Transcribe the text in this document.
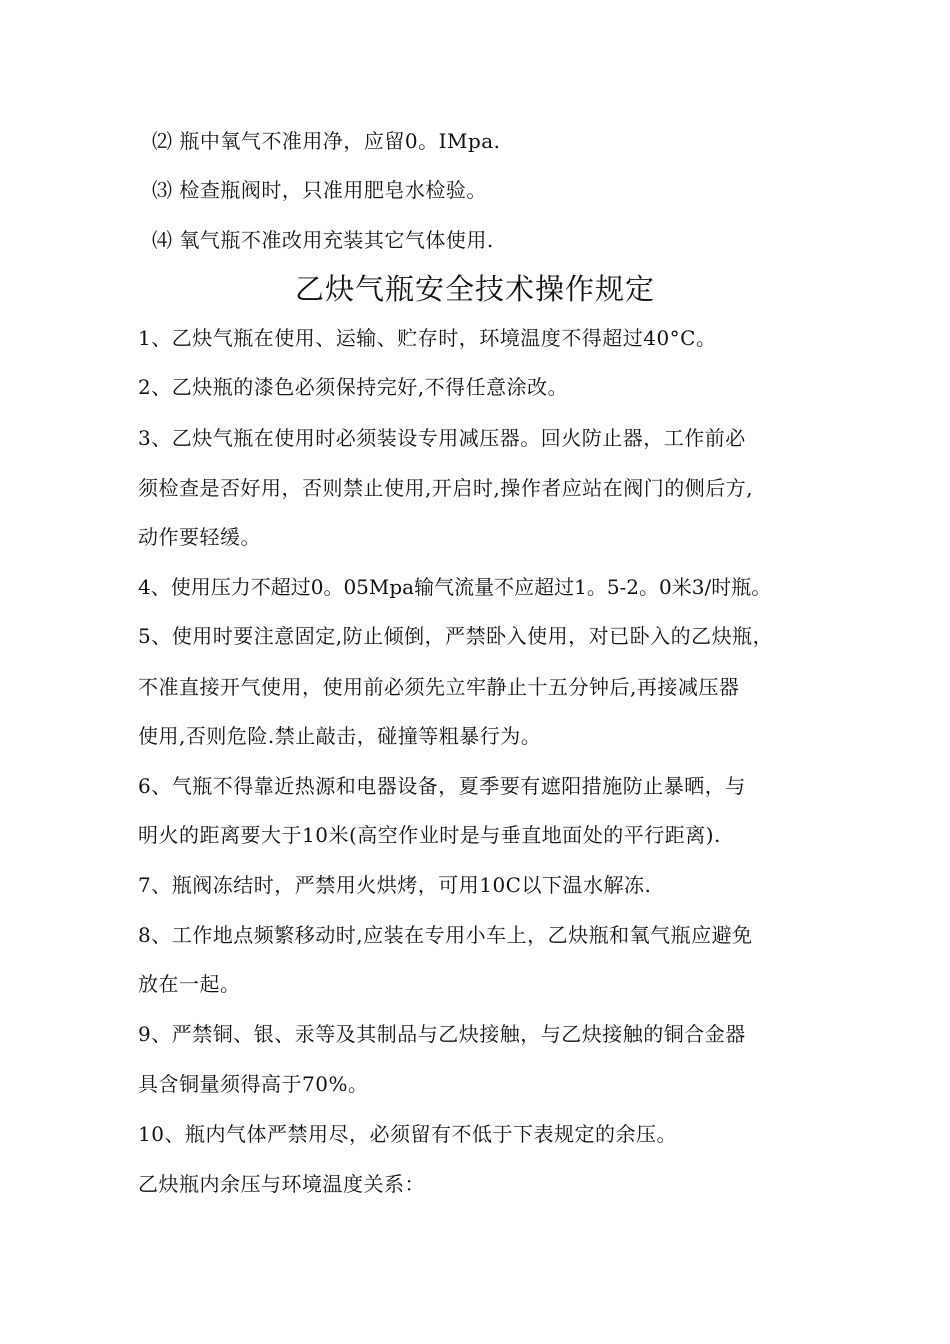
⑵ 瓶中氧气不准用净，应留0。IMpa.
⑶ 检查瓶阀时，只准用肥皂水检验。
⑷ 氧气瓶不准改用充装其它气体使用.
乙炔气瓶安全技术操作规定
1、乙炔气瓶在使用、运输、贮存时，环境温度不得超过40°C。
2、乙炔瓶的漆色必须保持完好,不得任意涂改。
3、乙炔气瓶在使用时必须装设专用减压器。回火防止器，工作前必
须检查是否好用，否则禁止使用,开启时,操作者应站在阀门的侧后方,
动作要轻缓。
4、使用压力不超过0。05Mpa输气流量不应超过1。5-2。0米3/时瓶。
5、使用时要注意固定,防止倾倒，严禁卧入使用，对已卧入的乙炔瓶，
不准直接开气使用，使用前必须先立牢静止十五分钟后,再接减压器
使用,否则危险.禁止敲击，碰撞等粗暴行为。
6、气瓶不得靠近热源和电器设备，夏季要有遮阳措施防止暴晒，与
明火的距离要大于10米(高空作业时是与垂直地面处的平行距离).
7、瓶阀冻结时，严禁用火烘烤，可用10C以下温水解冻.
8、工作地点频繁移动时,应装在专用小车上，乙炔瓶和氧气瓶应避免
放在一起。
9、严禁铜、银、汞等及其制品与乙炔接触，与乙炔接触的铜合金器
具含铜量须得高于70%。
10、瓶内气体严禁用尽，必须留有不低于下表规定的余压。
乙炔瓶内余压与环境温度关系：
